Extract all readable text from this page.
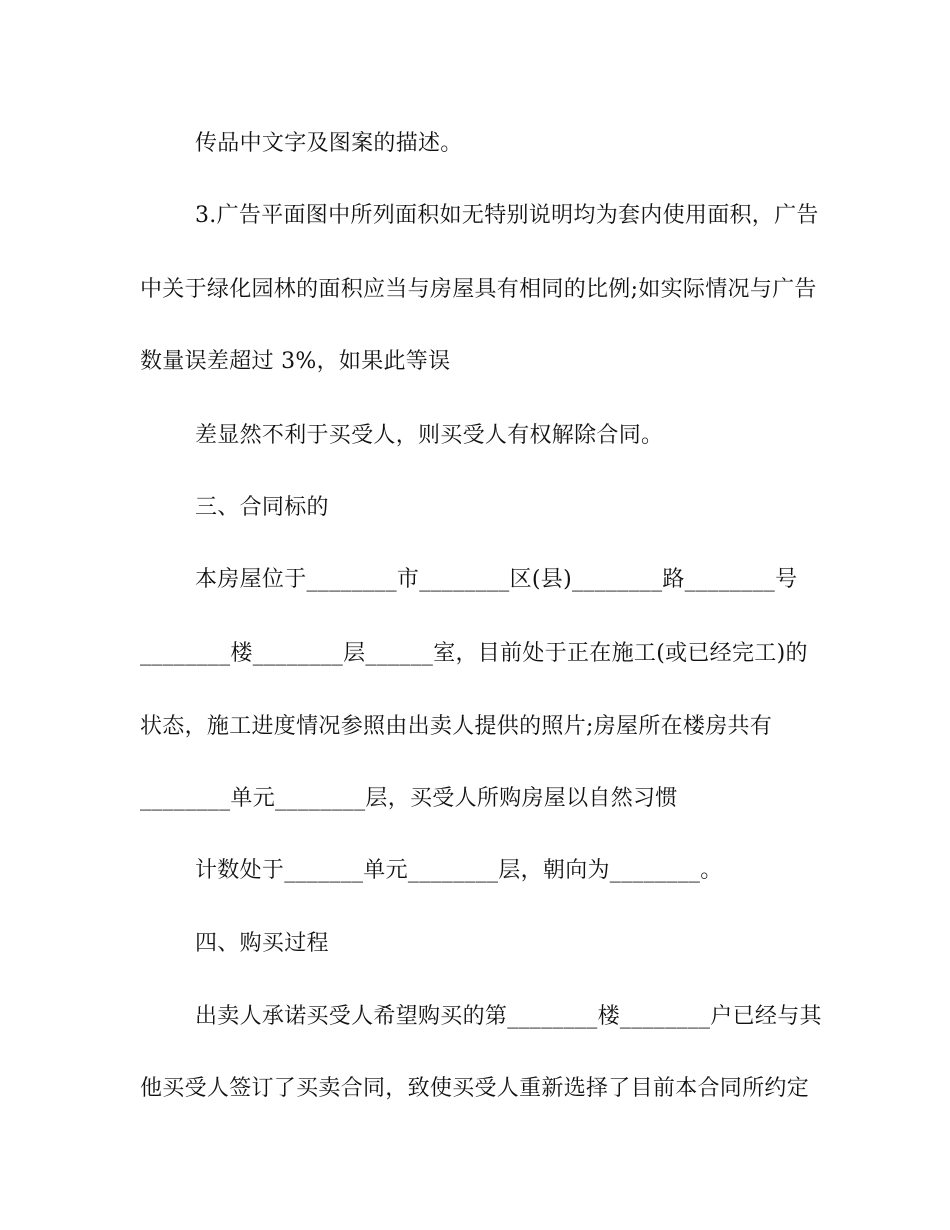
传品中文字及图案的描述。
3.广告平面图中所列面积如无特别说明均为套内使用面积，广告
中关于绿化园林的面积应当与房屋具有相同的比例;如实际情况与广告
数量误差超过 3%，如果此等误
差显然不利于买受人，则买受人有权解除合同。
三、合同标的
本房屋位于________市________区(县)________路________号
________楼________层______室，目前处于正在施工(或已经完工)的
状态，施工进度情况参照由出卖人提供的照片;房屋所在楼房共有
________单元________层，买受人所购房屋以自然习惯
计数处于_______单元________层，朝向为________。
四、购买过程
出卖人承诺买受人希望购买的第________楼________户已经与其
他买受人签订了买卖合同，致使买受人重新选择了目前本合同所约定
